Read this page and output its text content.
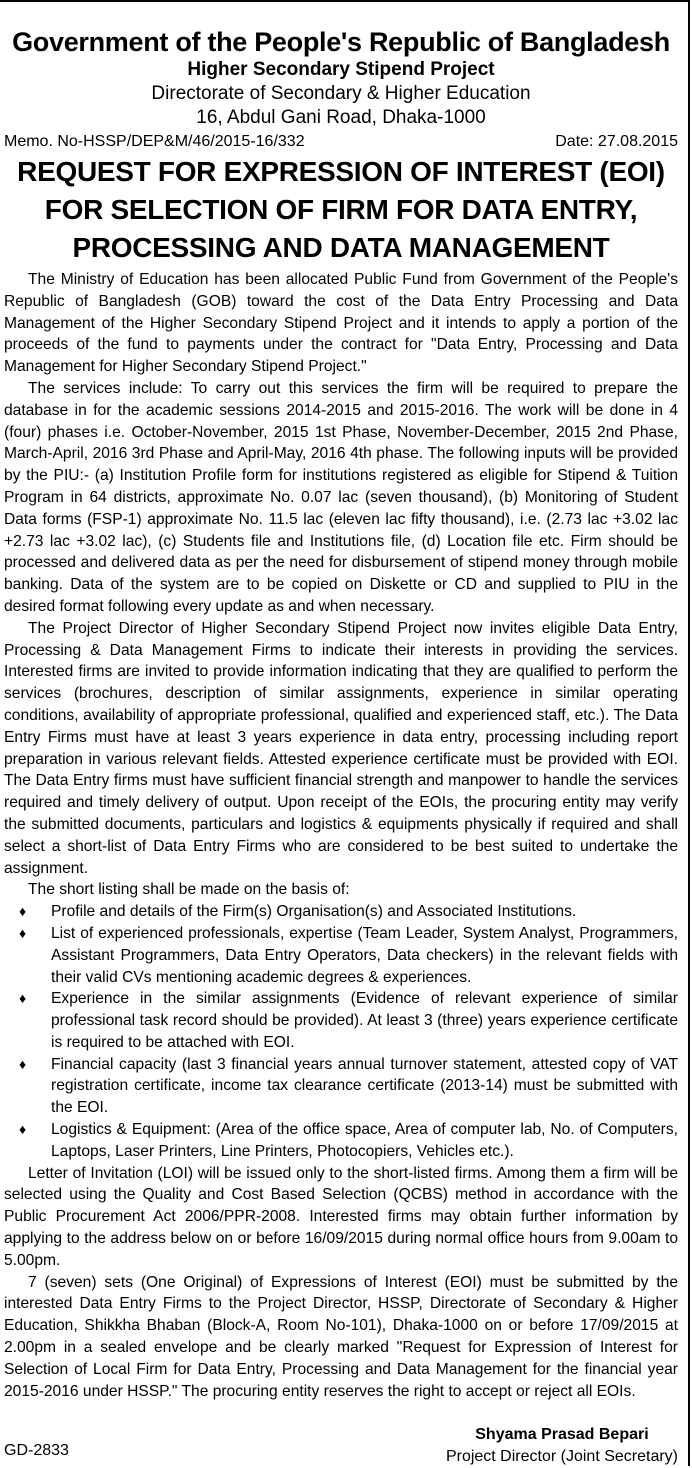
Government of the People's Republic of Bangladesh
Higher Secondary Stipend Project
Directorate of Secondary & Higher Education
16, Abdul Gani Road, Dhaka-1000
Memo. No-HSSP/DEP&M/46/2015-16/332	Date: 27.08.2015
REQUEST FOR EXPRESSION OF INTEREST (EOI)
FOR SELECTION OF FIRM FOR DATA ENTRY,
PROCESSING AND DATA MANAGEMENT

The Ministry of Education has been allocated Public Fund from Government of the People's Republic of Bangladesh (GOB) toward the cost of the Data Entry Processing and Data Management of the Higher Secondary Stipend Project and it intends to apply a portion of the proceeds of the fund to payments under the contract for "Data Entry, Processing and Data Management for Higher Secondary Stipend Project."

The services include: To carry out this services the firm will be required to prepare the database in for the academic sessions 2014-2015 and 2015-2016. The work will be done in 4 (four) phases i.e. October-November, 2015 1st Phase, November-December, 2015 2nd Phase, March-April, 2016 3rd Phase and April-May, 2016 4th phase. The following inputs will be provided by the PIU:- (a) Institution Profile form for institutions registered as eligible for Stipend & Tuition Program in 64 districts, approximate No. 0.07 lac (seven thousand), (b) Monitoring of Student Data forms (FSP-1) approximate No. 11.5 lac (eleven lac fifty thousand), i.e. (2.73 lac +3.02 lac +2.73 lac +3.02 lac), (c) Students file and Institutions file, (d) Location file etc. Firm should be processed and delivered data as per the need for disbursement of stipend money through mobile banking. Data of the system are to be copied on Diskette or CD and supplied to PIU in the desired format following every update as and when necessary.

The Project Director of Higher Secondary Stipend Project now invites eligible Data Entry, Processing & Data Management Firms to indicate their interests in providing the services. Interested firms are invited to provide information indicating that they are qualified to perform the services (brochures, description of similar assignments, experience in similar operating conditions, availability of appropriate professional, qualified and experienced staff, etc.). The Data Entry Firms must have at least 3 years experience in data entry, processing including report preparation in various relevant fields. Attested experience certificate must be provided with EOI. The Data Entry firms must have sufficient financial strength and manpower to handle the services required and timely delivery of output. Upon receipt of the EOIs, the procuring entity may verify the submitted documents, particulars and logistics & equipments physically if required and shall select a short-list of Data Entry Firms who are considered to be best suited to undertake the assignment.

The short listing shall be made on the basis of:

♦ Profile and details of the Firm(s) Organisation(s) and Associated Institutions.
♦ List of experienced professionals, expertise (Team Leader, System Analyst, Programmers, Assistant Programmers, Data Entry Operators, Data checkers) in the relevant fields with their valid CVs mentioning academic degrees & experiences.
♦ Experience in the similar assignments (Evidence of relevant experience of similar professional task record should be provided). At least 3 (three) years experience certificate is required to be attached with EOI.
♦ Financial capacity (last 3 financial years annual turnover statement, attested copy of VAT registration certificate, income tax clearance certificate (2013-14) must be submitted with the EOI.
♦ Logistics & Equipment: (Area of the office space, Area of computer lab, No. of Computers, Laptops, Laser Printers, Line Printers, Photocopiers, Vehicles etc.).

Letter of Invitation (LOI) will be issued only to the short-listed firms. Among them a firm will be selected using the Quality and Cost Based Selection (QCBS) method in accordance with the Public Procurement Act 2006/PPR-2008. Interested firms may obtain further information by applying to the address below on or before 16/09/2015 during normal office hours from 9.00am to 5.00pm.

7 (seven) sets (One Original) of Expressions of Interest (EOI) must be submitted by the interested Data Entry Firms to the Project Director, HSSP, Directorate of Secondary & Higher Education, Shikkha Bhaban (Block-A, Room No-101), Dhaka-1000 on or before 17/09/2015 at 2.00pm in a sealed envelope and be clearly marked "Request for Expression of Interest for Selection of Local Firm for Data Entry, Processing and Data Management for the financial year 2015-2016 under HSSP." The procuring entity reserves the right to accept or reject all EOIs.

Shyama Prasad Bepari
Project Director (Joint Secretary)
GD-2833
